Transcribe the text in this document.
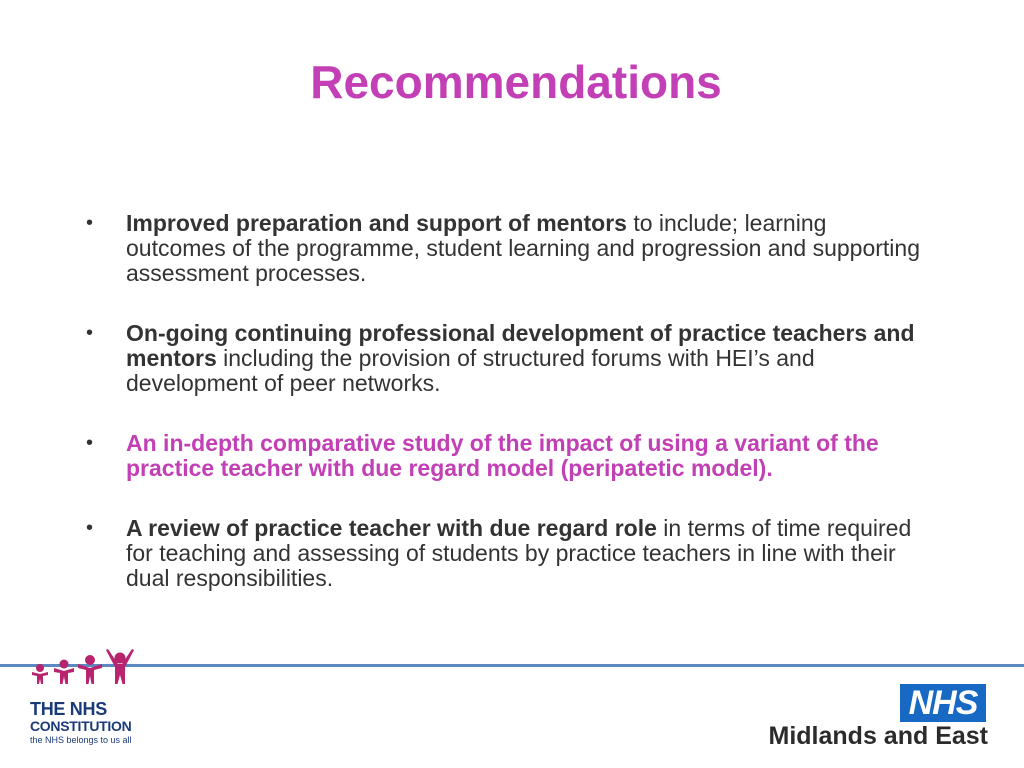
Recommendations
• Improved preparation and support of mentors to include; learning outcomes of the programme, student learning and progression and supporting assessment processes.
• On-going continuing professional development of practice teachers and mentors including the provision of structured forums with HEI’s and development of peer networks.
• An in-depth comparative study of the impact of using a variant of the practice teacher with due regard model (peripatetic model).
• A review of practice teacher with due regard role in terms of time required for teaching and assessing of students by practice teachers in line with their dual responsibilities.
THE NHS
CONSTITUTION
the NHS belongs to us all
NHS
Midlands and East
